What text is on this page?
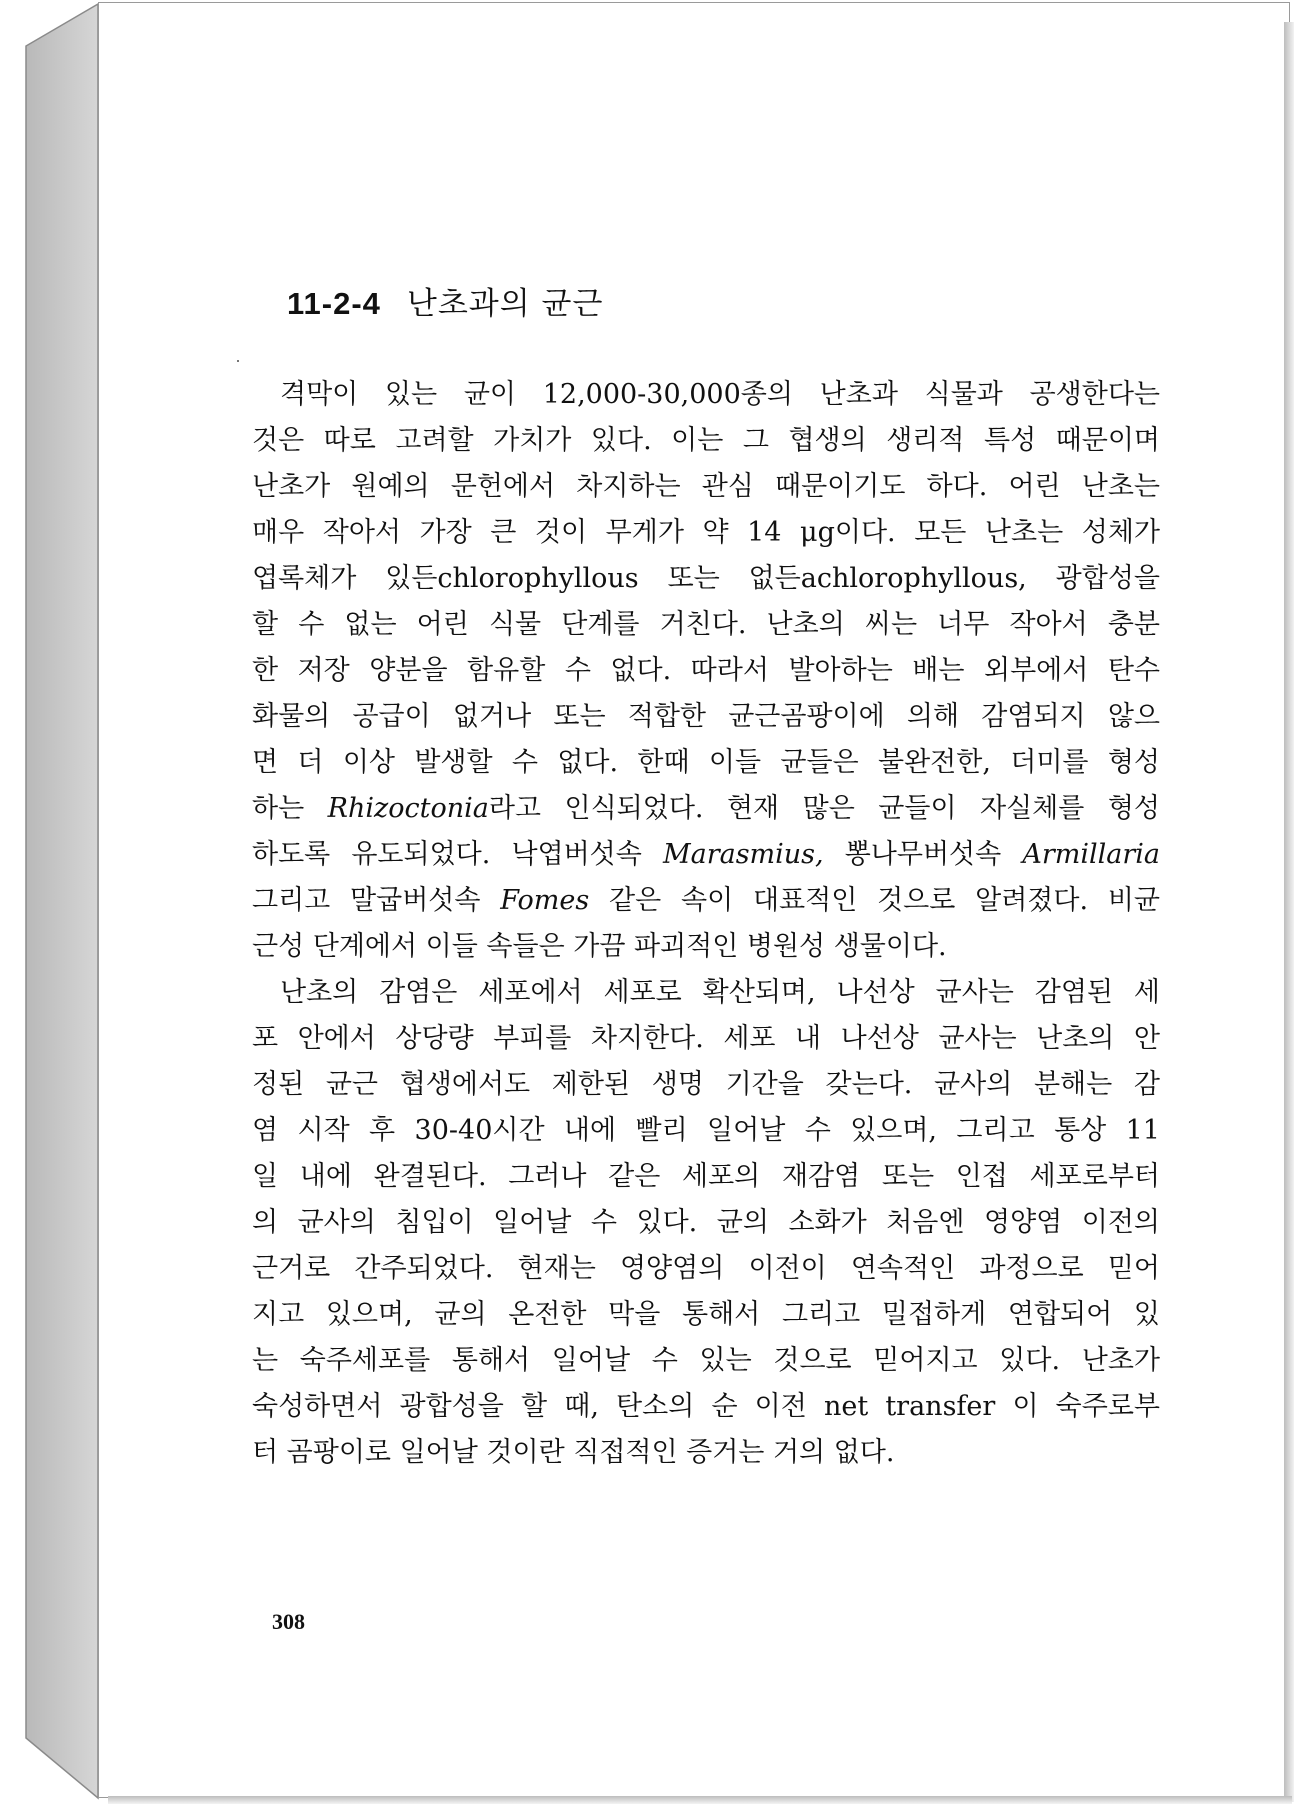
11-2-4 난초과의 균근
격막이 있는 균이 12,000-30,000종의 난초과 식물과 공생한다는
것은 따로 고려할 가치가 있다. 이는 그 협생의 생리적 특성 때문이며
난초가 원예의 문헌에서 차지하는 관심 때문이기도 하다. 어린 난초는
매우 작아서 가장 큰 것이 무게가 약 14 μg이다. 모든 난초는 성체가
엽록체가 있든chlorophyllous 또는 없든achlorophyllous, 광합성을
할 수 없는 어린 식물 단계를 거친다. 난초의 씨는 너무 작아서 충분
한 저장 양분을 함유할 수 없다. 따라서 발아하는 배는 외부에서 탄수
화물의 공급이 없거나 또는 적합한 균근곰팡이에 의해 감염되지 않으
면 더 이상 발생할 수 없다. 한때 이들 균들은 불완전한, 더미를 형성
하는 Rhizoctonia라고 인식되었다. 현재 많은 균들이 자실체를 형성
하도록 유도되었다. 낙엽버섯속 Marasmius, 뽕나무버섯속 Armillaria
그리고 말굽버섯속 Fomes 같은 속이 대표적인 것으로 알려졌다. 비균
근성 단계에서 이들 속들은 가끔 파괴적인 병원성 생물이다.
난초의 감염은 세포에서 세포로 확산되며, 나선상 균사는 감염된 세
포 안에서 상당량 부피를 차지한다. 세포 내 나선상 균사는 난초의 안
정된 균근 협생에서도 제한된 생명 기간을 갖는다. 균사의 분해는 감
염 시작 후 30-40시간 내에 빨리 일어날 수 있으며, 그리고 통상 11
일 내에 완결된다. 그러나 같은 세포의 재감염 또는 인접 세포로부터
의 균사의 침입이 일어날 수 있다. 균의 소화가 처음엔 영양염 이전의
근거로 간주되었다. 현재는 영양염의 이전이 연속적인 과정으로 믿어
지고 있으며, 균의 온전한 막을 통해서 그리고 밀접하게 연합되어 있
는 숙주세포를 통해서 일어날 수 있는 것으로 믿어지고 있다. 난초가
숙성하면서 광합성을 할 때, 탄소의 순 이전 net transfer 이 숙주로부
터 곰팡이로 일어날 것이란 직접적인 증거는 거의 없다.
308
